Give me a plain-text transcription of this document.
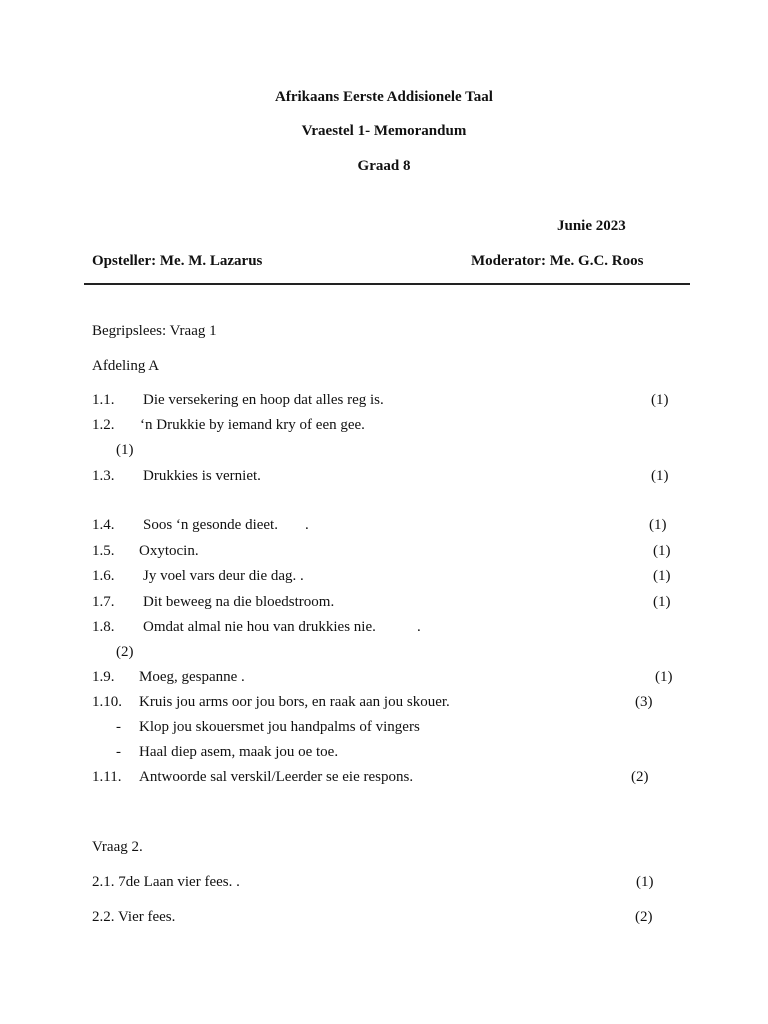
Afrikaans Eerste Addisionele Taal
Vraestel 1- Memorandum
Graad 8
Junie 2023
Opsteller: Me. M. Lazarus	Moderator: Me. G.C. Roos
Begripslees: Vraag 1
Afdeling A
1.1. Die versekering en hoop dat alles reg is.	(1)
1.2. ‘n Drukkie by iemand kry of een gee.
(1)
1.3. Drukkies is verniet.	(1)
1.4. Soos ‘n gesonde dieet. .	(1)
1.5. Oxytocin.	(1)
1.6. Jy voel vars deur die dag. .	(1)
1.7. Dit beweeg na die bloedstroom.	(1)
1.8. Omdat almal nie hou van drukkies nie.	.
(2)
1.9. Moeg, gespanne .	(1)
1.10. Kruis jou arms oor jou bors, en raak aan jou skouer.	(3)
- Klop jou skouersmet jou handpalms of vingers
- Haal diep asem, maak jou oe toe.
1.11. Antwoorde sal verskil/Leerder se eie respons.	(2)
Vraag 2.
2.1. 7de Laan vier fees. .	(1)
2.2. Vier fees.	(2)
